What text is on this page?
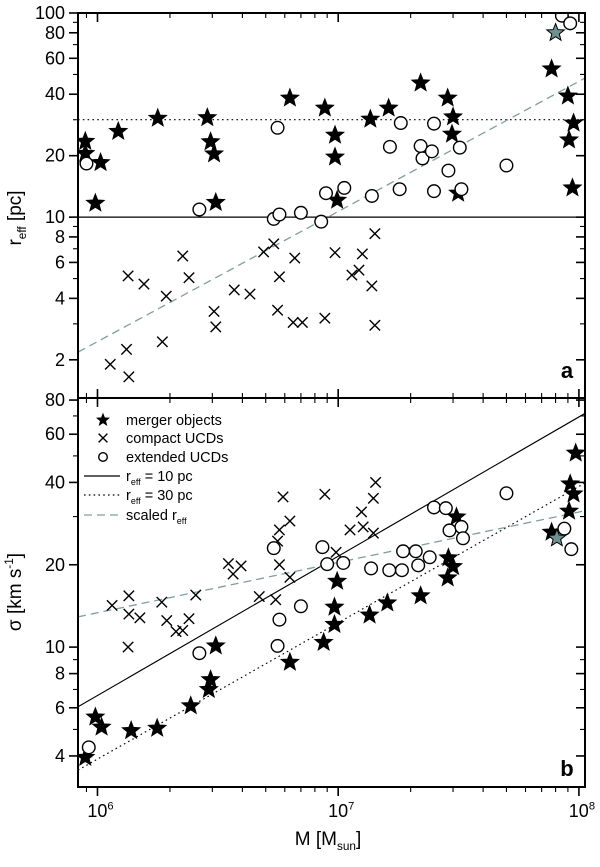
100
80
60
40
20
10
8
6
4
2	a
80
60
40
20
10
8
6
4
b
$10^6$	$10^7$	$10^8$
M $[M_{sun}]$
$r_{eff}$ [pc]
σ [km $s^{-1}$]
merger objects
compact UCDs
extended UCDs
$r_{eff} = 10$ pc
$r_{eff} = 30$ pc
scaled $r_{eff}$
